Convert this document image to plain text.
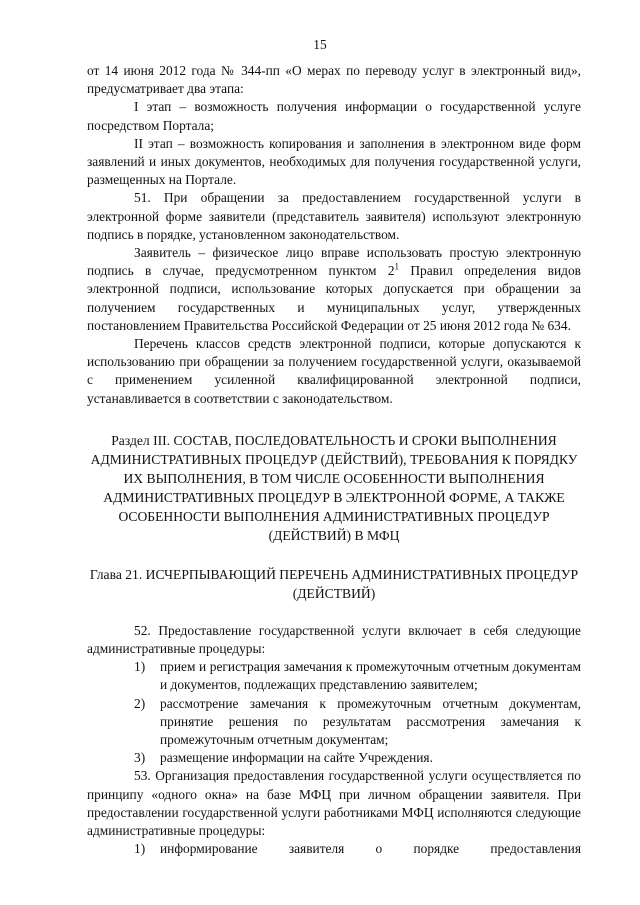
15

от 14 июня 2012 года № 344-пп «О мерах по переводу услуг в электронный вид», предусматривает два этапа:

I этап – возможность получения информации о государственной услуге посредством Портала;

II этап – возможность копирования и заполнения в электронном виде форм заявлений и иных документов, необходимых для получения государственной услуги, размещенных на Портале.

51. При обращении за предоставлением государственной услуги в электронной форме заявители (представитель заявителя) используют электронную подпись в порядке, установленном законодательством.

Заявитель – физическое лицо вправе использовать простую электронную подпись в случае, предусмотренном пунктом $2^1$ Правил определения видов электронной подписи, использование которых допускается при обращении за получением государственных и муниципальных услуг, утвержденных постановлением Правительства Российской Федерации от 25 июня 2012 года № 634.

Перечень классов средств электронной подписи, которые допускаются к использованию при обращении за получением государственной услуги, оказываемой с применением усиленной квалифицированной электронной подписи, устанавливается в соответствии с законодательством.

Раздел III. СОСТАВ, ПОСЛЕДОВАТЕЛЬНОСТЬ И СРОКИ ВЫПОЛНЕНИЯ АДМИНИСТРАТИВНЫХ ПРОЦЕДУР (ДЕЙСТВИЙ), ТРЕБОВАНИЯ К ПОРЯДКУ ИХ ВЫПОЛНЕНИЯ, В ТОМ ЧИСЛЕ ОСОБЕННОСТИ ВЫПОЛНЕНИЯ АДМИНИСТРАТИВНЫХ ПРОЦЕДУР В ЭЛЕКТРОННОЙ ФОРМЕ, А ТАКЖЕ ОСОБЕННОСТИ ВЫПОЛНЕНИЯ АДМИНИСТРАТИВНЫХ ПРОЦЕДУР (ДЕЙСТВИЙ) В МФЦ
Глава 21. ИСЧЕРПЫВАЮЩИЙ ПЕРЕЧЕНЬ АДМИНИСТРАТИВНЫХ ПРОЦЕДУР (ДЕЙСТВИЙ)

52. Предоставление государственной услуги включает в себя следующие административные процедуры:

1)	прием и регистрация замечания к промежуточным отчетным документам и документов, подлежащих представлению заявителем;
2)	рассмотрение замечания к промежуточным отчетным документам, принятие решения по результатам рассмотрения замечания к промежуточным отчетным документам;
3)	размещение информации на сайте Учреждения.

53. Организация предоставления государственной услуги осуществляется по принципу «одного окна» на базе МФЦ при личном обращении заявителя. При предоставлении государственной услуги работниками МФЦ исполняются следующие административные процедуры:

1)	информирование заявителя о порядке предоставления
